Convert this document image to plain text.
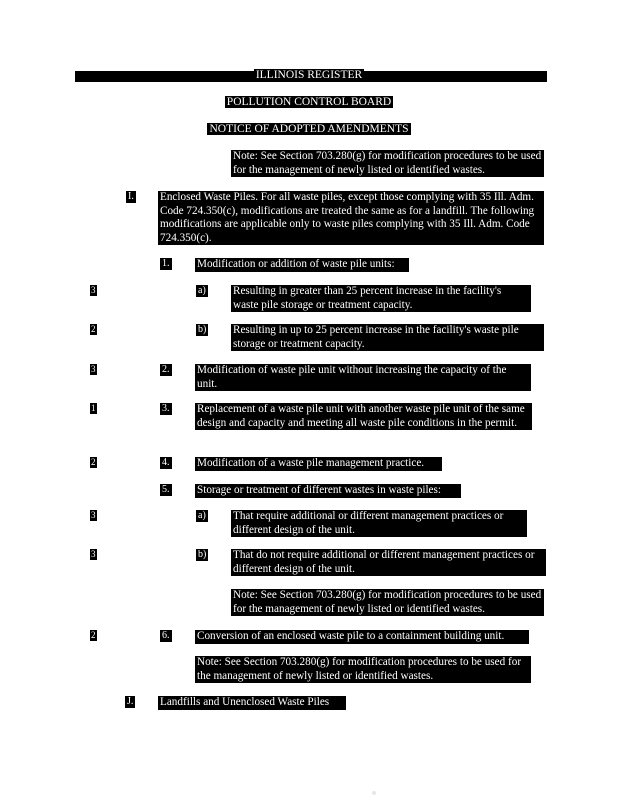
ILLINOIS REGISTER
POLLUTION CONTROL BOARD
NOTICE OF ADOPTED AMENDMENTS
Note: See Section 703.280(g) for modification procedures to be used for the management of newly listed or identified wastes.
I. Enclosed Waste Piles. For all waste piles, except those complying with 35 Ill. Adm. Code 724.350(c), modifications are treated the same as for a landfill. The following modifications are applicable only to waste piles complying with 35 Ill. Adm. Code 724.350(c).
1. Modification or addition of waste pile units:
3	a) Resulting in greater than 25 percent increase in the facility's waste pile storage or treatment capacity.
2	b) Resulting in up to 25 percent increase in the facility's waste pile storage or treatment capacity.
3	2. Modification of waste pile unit without increasing the capacity of the unit.
1	3. Replacement of a waste pile unit with another waste pile unit of the same design and capacity and meeting all waste pile conditions in the permit.
2	4. Modification of a waste pile management practice.
5. Storage or treatment of different wastes in waste piles:
3	a) That require additional or different management practices or different design of the unit.
3	b) That do not require additional or different management practices or different design of the unit.
Note: See Section 703.280(g) for modification procedures to be used for the management of newly listed or identified wastes.
2	6. Conversion of an enclosed waste pile to a containment building unit.
Note: See Section 703.280(g) for modification procedures to be used for the management of newly listed or identified wastes.
J. Landfills and Unenclosed Waste Piles
